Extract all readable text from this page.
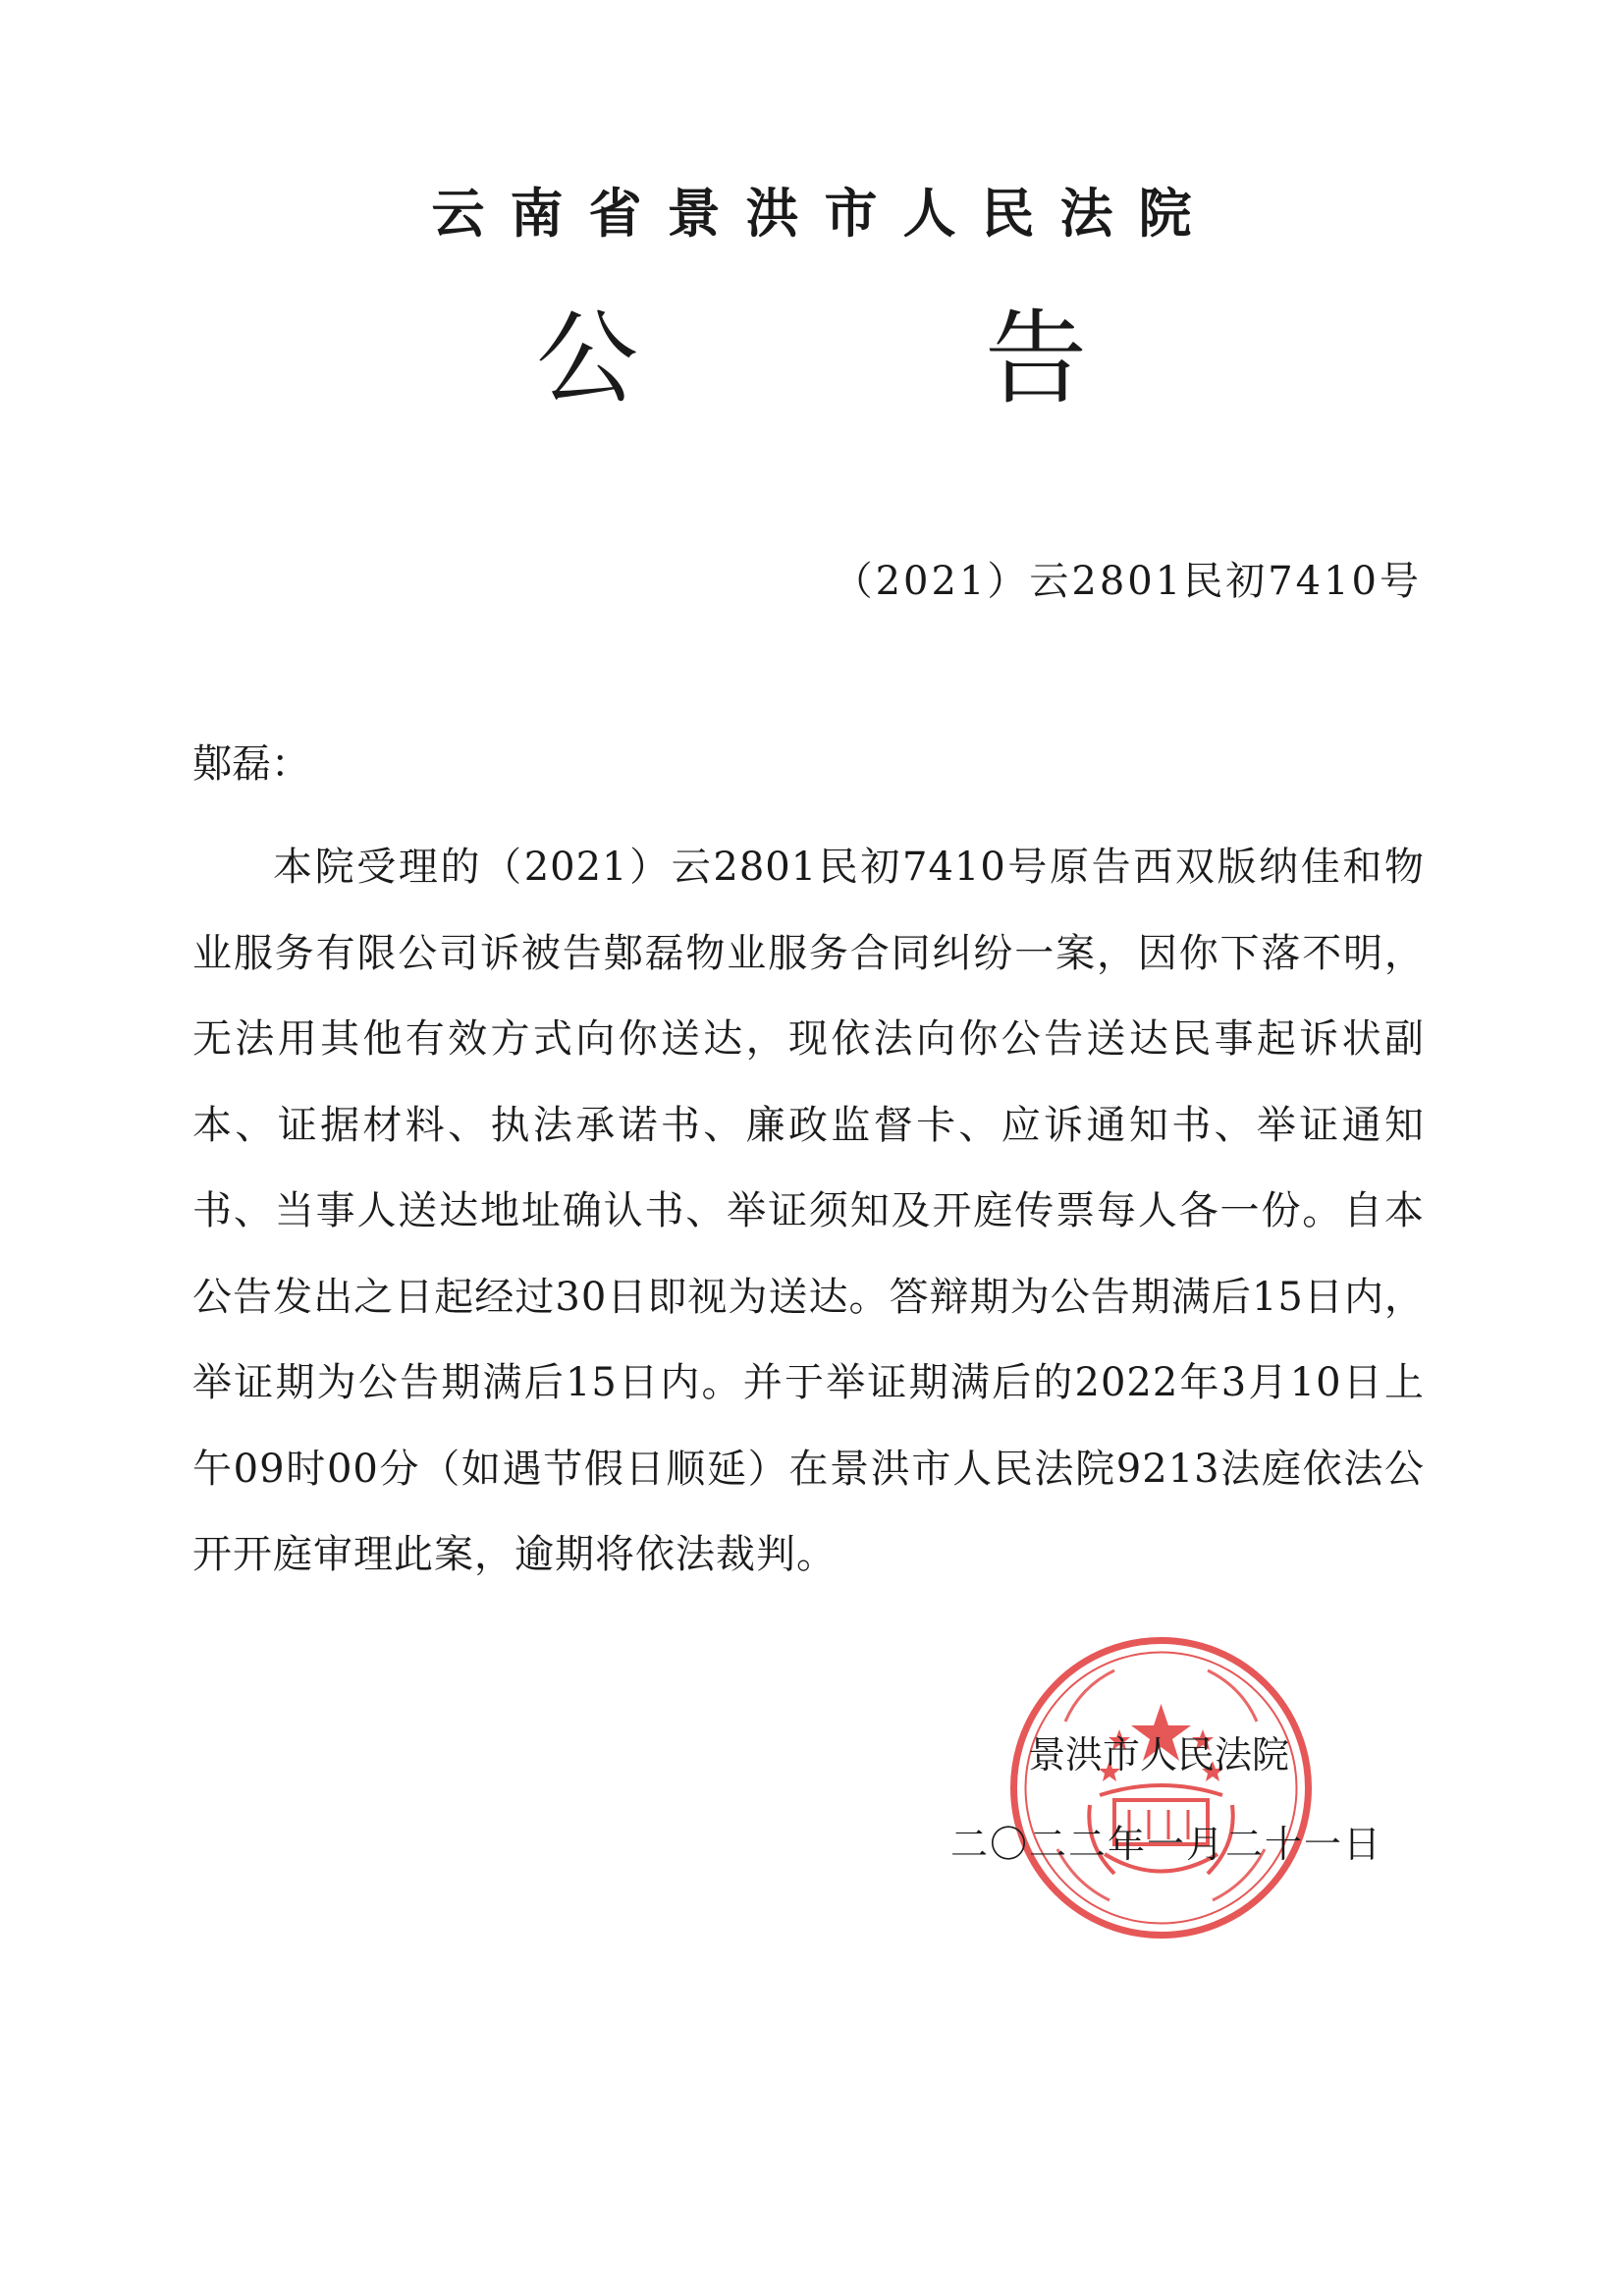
云南省景洪市人民法院
公 告
（2021）云2801民初7410号
鄚磊：
本院受理的（2021）云2801民初7410号原告西双版纳佳和物业服务有限公司诉被告鄚磊物业服务合同纠纷一案，因你下落不明，无法用其他有效方式向你送达，现依法向你公告送达民事起诉状副本、证据材料、执法承诺书、廉政监督卡、应诉通知书、举证通知书、当事人送达地址确认书、举证须知及开庭传票每人各一份。自本公告发出之日起经过30日即视为送达。答辩期为公告期满后15日内，举证期为公告期满后15日内。并于举证期满后的2022年3月10日上午09时00分（如遇节假日顺延）在景洪市人民法院9213法庭依法公开开庭审理此案，逾期将依法裁判。
景洪市人民法院
二〇二二年一月二十一日
